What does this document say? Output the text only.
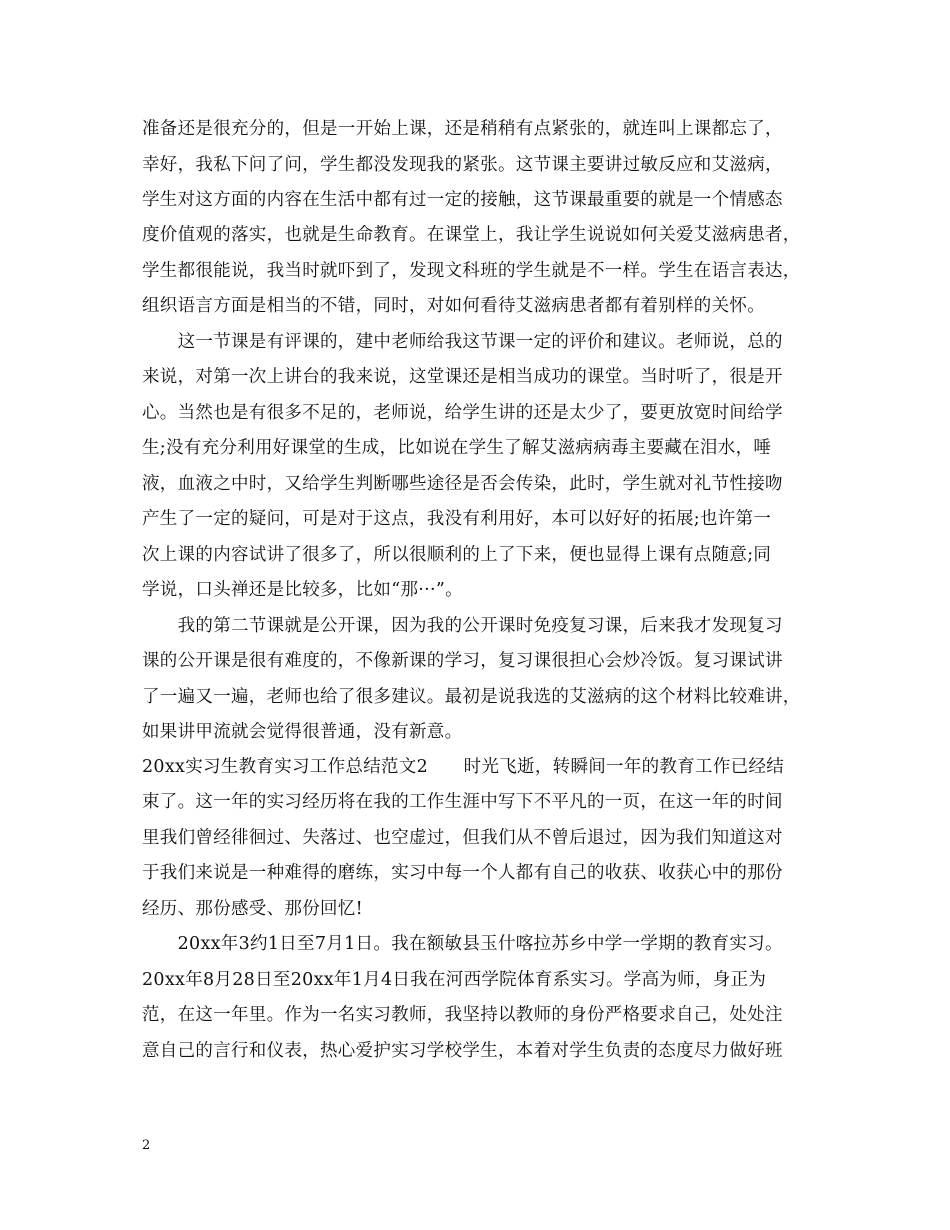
准备还是很充分的，但是一开始上课，还是稍稍有点紧张的，就连叫上课都忘了，
幸好，我私下问了问，学生都没发现我的紧张。这节课主要讲过敏反应和艾滋病，
学生对这方面的内容在生活中都有过一定的接触，这节课最重要的就是一个情感态
度价值观的落实，也就是生命教育。在课堂上，我让学生说说如何关爱艾滋病患者，
学生都很能说，我当时就吓到了，发现文科班的学生就是不一样。学生在语言表达，
组织语言方面是相当的不错，同时，对如何看待艾滋病患者都有着别样的关怀。
　　这一节课是有评课的，建中老师给我这节课一定的评价和建议。老师说，总的
来说，对第一次上讲台的我来说，这堂课还是相当成功的课堂。当时听了，很是开
心。当然也是有很多不足的，老师说，给学生讲的还是太少了，要更放宽时间给学
生;没有充分利用好课堂的生成，比如说在学生了解艾滋病病毒主要藏在泪水，唾
液，血液之中时，又给学生判断哪些途径是否会传染，此时，学生就对礼节性接吻
产生了一定的疑问，可是对于这点，我没有利用好，本可以好好的拓展;也许第一
次上课的内容试讲了很多了，所以很顺利的上了下来，便也显得上课有点随意;同
学说，口头禅还是比较多，比如“那···”。
　　我的第二节课就是公开课，因为我的公开课时免疫复习课，后来我才发现复习
课的公开课是很有难度的，不像新课的学习，复习课很担心会炒冷饭。复习课试讲
了一遍又一遍，老师也给了很多建议。最初是说我选的艾滋病的这个材料比较难讲，
如果讲甲流就会觉得很普通，没有新意。
20xx实习生教育实习工作总结范文2　　时光飞逝，转瞬间一年的教育工作已经结
束了。这一年的实习经历将在我的工作生涯中写下不平凡的一页，在这一年的时间
里我们曾经徘徊过、失落过、也空虚过，但我们从不曾后退过，因为我们知道这对
于我们来说是一种难得的磨练，实习中每一个人都有自己的收获、收获心中的那份
经历、那份感受、那份回忆!
　　20xx年3约1日至7月1日。我在额敏县玉什喀拉苏乡中学一学期的教育实习。
20xx年8月28日至20xx年1月4日我在河西学院体育系实习。学高为师，身正为
范，在这一年里。作为一名实习教师，我坚持以教师的身份严格要求自己，处处注
意自己的言行和仪表，热心爱护实习学校学生，本着对学生负责的态度尽力做好班
2
